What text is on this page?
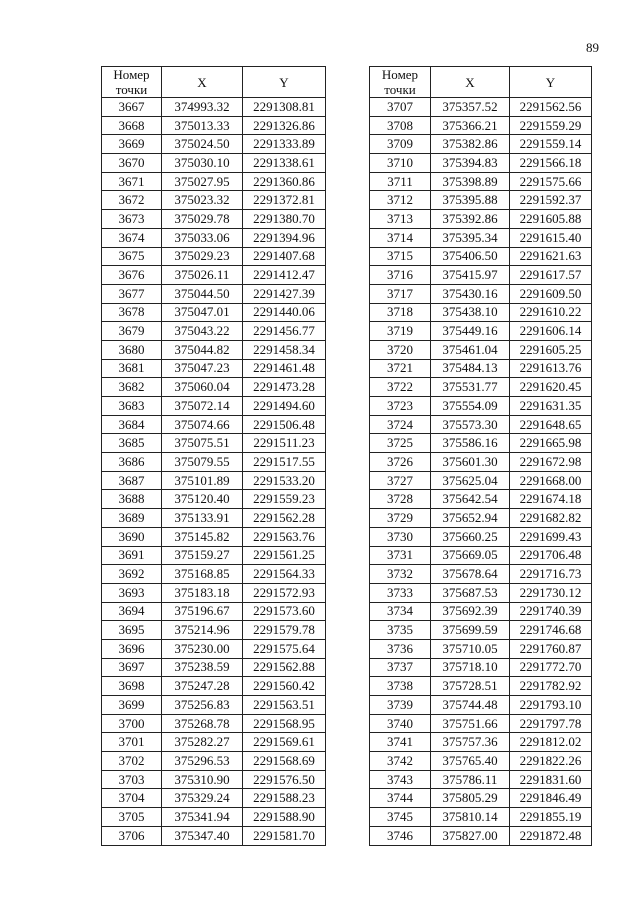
89
Номер
точки	X	Y
3667	374993.32	2291308.81
3668	375013.33	2291326.86
3669	375024.50	2291333.89
3670	375030.10	2291338.61
3671	375027.95	2291360.86
3672	375023.32	2291372.81
3673	375029.78	2291380.70
3674	375033.06	2291394.96
3675	375029.23	2291407.68
3676	375026.11	2291412.47
3677	375044.50	2291427.39
3678	375047.01	2291440.06
3679	375043.22	2291456.77
3680	375044.82	2291458.34
3681	375047.23	2291461.48
3682	375060.04	2291473.28
3683	375072.14	2291494.60
3684	375074.66	2291506.48
3685	375075.51	2291511.23
3686	375079.55	2291517.55
3687	375101.89	2291533.20
3688	375120.40	2291559.23
3689	375133.91	2291562.28
3690	375145.82	2291563.76
3691	375159.27	2291561.25
3692	375168.85	2291564.33
3693	375183.18	2291572.93
3694	375196.67	2291573.60
3695	375214.96	2291579.78
3696	375230.00	2291575.64
3697	375238.59	2291562.88
3698	375247.28	2291560.42
3699	375256.83	2291563.51
3700	375268.78	2291568.95
3701	375282.27	2291569.61
3702	375296.53	2291568.69
3703	375310.90	2291576.50
3704	375329.24	2291588.23
3705	375341.94	2291588.90
3706	375347.40	2291581.70
Номер
точки	X	Y
3707	375357.52	2291562.56
3708	375366.21	2291559.29
3709	375382.86	2291559.14
3710	375394.83	2291566.18
3711	375398.89	2291575.66
3712	375395.88	2291592.37
3713	375392.86	2291605.88
3714	375395.34	2291615.40
3715	375406.50	2291621.63
3716	375415.97	2291617.57
3717	375430.16	2291609.50
3718	375438.10	2291610.22
3719	375449.16	2291606.14
3720	375461.04	2291605.25
3721	375484.13	2291613.76
3722	375531.77	2291620.45
3723	375554.09	2291631.35
3724	375573.30	2291648.65
3725	375586.16	2291665.98
3726	375601.30	2291672.98
3727	375625.04	2291668.00
3728	375642.54	2291674.18
3729	375652.94	2291682.82
3730	375660.25	2291699.43
3731	375669.05	2291706.48
3732	375678.64	2291716.73
3733	375687.53	2291730.12
3734	375692.39	2291740.39
3735	375699.59	2291746.68
3736	375710.05	2291760.87
3737	375718.10	2291772.70
3738	375728.51	2291782.92
3739	375744.48	2291793.10
3740	375751.66	2291797.78
3741	375757.36	2291812.02
3742	375765.40	2291822.26
3743	375786.11	2291831.60
3744	375805.29	2291846.49
3745	375810.14	2291855.19
3746	375827.00	2291872.48
